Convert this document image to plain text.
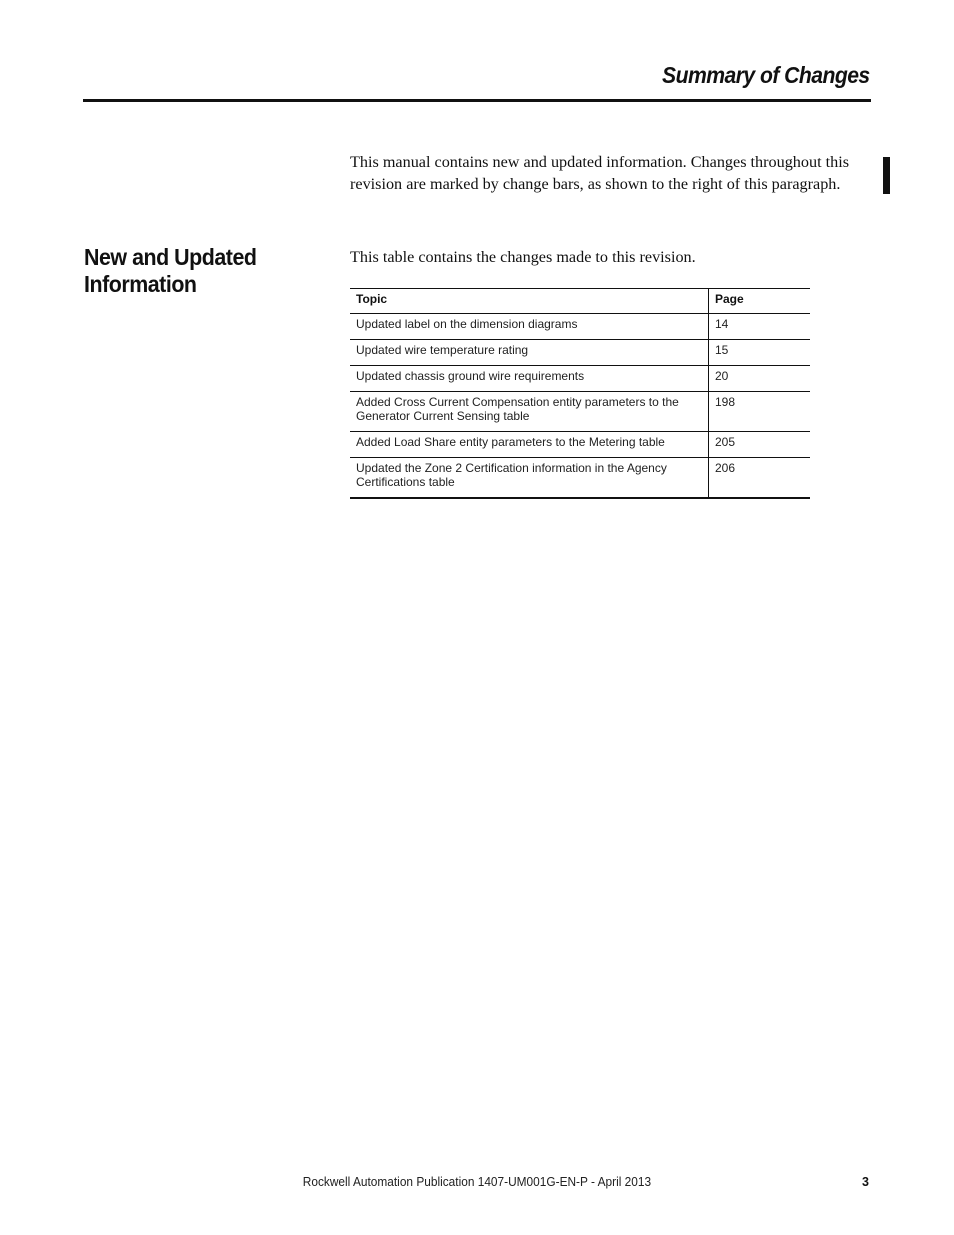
Summary of Changes

This manual contains new and updated information. Changes throughout this revision are marked by change bars, as shown to the right of this paragraph.

New and Updated
Information

This table contains the changes made to this revision.

Topic	Page
Updated label on the dimension diagrams	14
Updated wire temperature rating	15
Updated chassis ground wire requirements	20
Added Cross Current Compensation entity parameters to the Generator Current Sensing table	198
Added Load Share entity parameters to the Metering table	205
Updated the Zone 2 Certification information in the Agency Certifications table	206

Rockwell Automation Publication 1407-UM001G-EN-P - April 2013	3
